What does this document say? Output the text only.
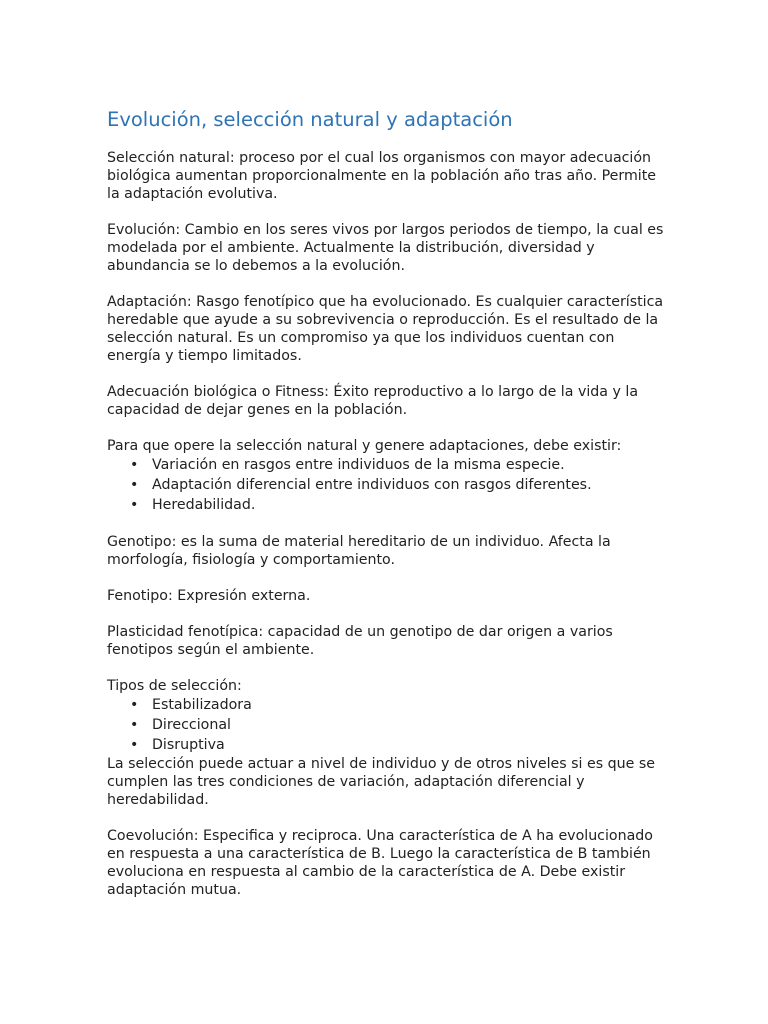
Evolución, selección natural y adaptación

Selección natural: proceso por el cual los organismos con mayor adecuación biológica aumentan proporcionalmente en la población año tras año. Permite la adaptación evolutiva.

Evolución: Cambio en los seres vivos por largos periodos de tiempo, la cual es modelada por el ambiente. Actualmente la distribución, diversidad y abundancia se lo debemos a la evolución.

Adaptación: Rasgo fenotípico que ha evolucionado. Es cualquier característica heredable que ayude a su sobrevivencia o reproducción. Es el resultado de la selección natural. Es un compromiso ya que los individuos cuentan con energía y tiempo limitados.

Adecuación biológica o Fitness: Éxito reproductivo a lo largo de la vida y la capacidad de dejar genes en la población.

Para que opere la selección natural y genere adaptaciones, debe existir:

• Variación en rasgos entre individuos de la misma especie.
• Adaptación diferencial entre individuos con rasgos diferentes.
• Heredabilidad.

Genotipo: es la suma de material hereditario de un individuo. Afecta la morfología, fisiología y comportamiento.

Fenotipo: Expresión externa.

Plasticidad fenotípica: capacidad de un genotipo de dar origen a varios fenotipos según el ambiente.

Tipos de selección:

• Estabilizadora
• Direccional
• Disruptiva

La selección puede actuar a nivel de individuo y de otros niveles si es que se cumplen las tres condiciones de variación, adaptación diferencial y heredabilidad.

Coevolución: Especifica y reciproca. Una característica de A ha evolucionado en respuesta a una característica de B. Luego la característica de B también evoluciona en respuesta al cambio de la característica de A. Debe existir adaptación mutua.
